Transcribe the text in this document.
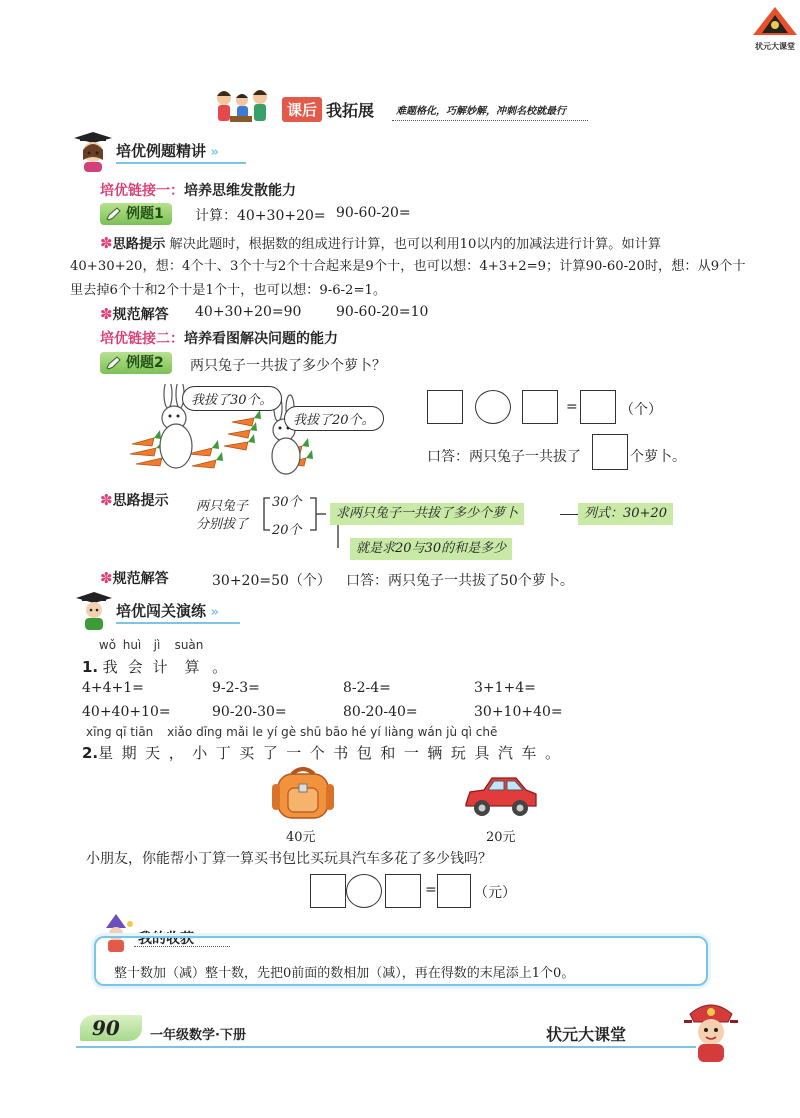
状元大课堂
课后 我拓展 难题格化，巧解妙解，冲刺名校就最行
培优例题精讲 »
培优链接一：培养思维发散能力
例题1	计算：40+30+20= 90-60-20=
✽思路提示 解决此题时，根据数的组成进行计算，也可以利用10以内的加减法进行计算。如计算
40+30+20，想：4个十、3个十与2个十合起来是9个十，也可以想：4+3+2=9；计算90-60-20时，想：从9个十
里去掉6个十和2个十是1个十，也可以想：9-6-2=1。
✽规范解答 40+30+20=90 90-60-20=10
培优链接二：培养看图解决问题的能力
例题2	两只兔子一共拔了多少个萝卜？
我拔了30个。
我拔了20个。
=	（个）
口答：两只兔子一共拔了	个萝卜。
✽思路提示 两只兔子
分别拔了
30个
20个
求两只兔子一共拔了多少个萝卜	列式：30+20
就是求20与30的和是多少
✽规范解答	30+20=50（个） 口答：两只兔子一共拔了50个萝卜。
培优闯关演练 »
wǒ huì jì suàn
1. 我 会 计 算 。
4+4+1=	9-2-3=	8-2-4=	3+1+4=
40+40+10=	90-20-30=	80-20-40=	30+10+40=
xīng qī tiān xiǎo dīng mǎi le yí gè shū bāo hé yí liàng wán jù qì chē
2.星期天，小丁买了一个书包和一辆玩具汽车。
40元	20元
小朋友，你能帮小丁算一算买书包比买玩具汽车多花了多少钱吗？
=	（元）
我的收获
整十数加（减）整十数，先把0前面的数相加（减），再在得数的末尾添上1个0。
90 一年级数学·下册	状元大课堂
